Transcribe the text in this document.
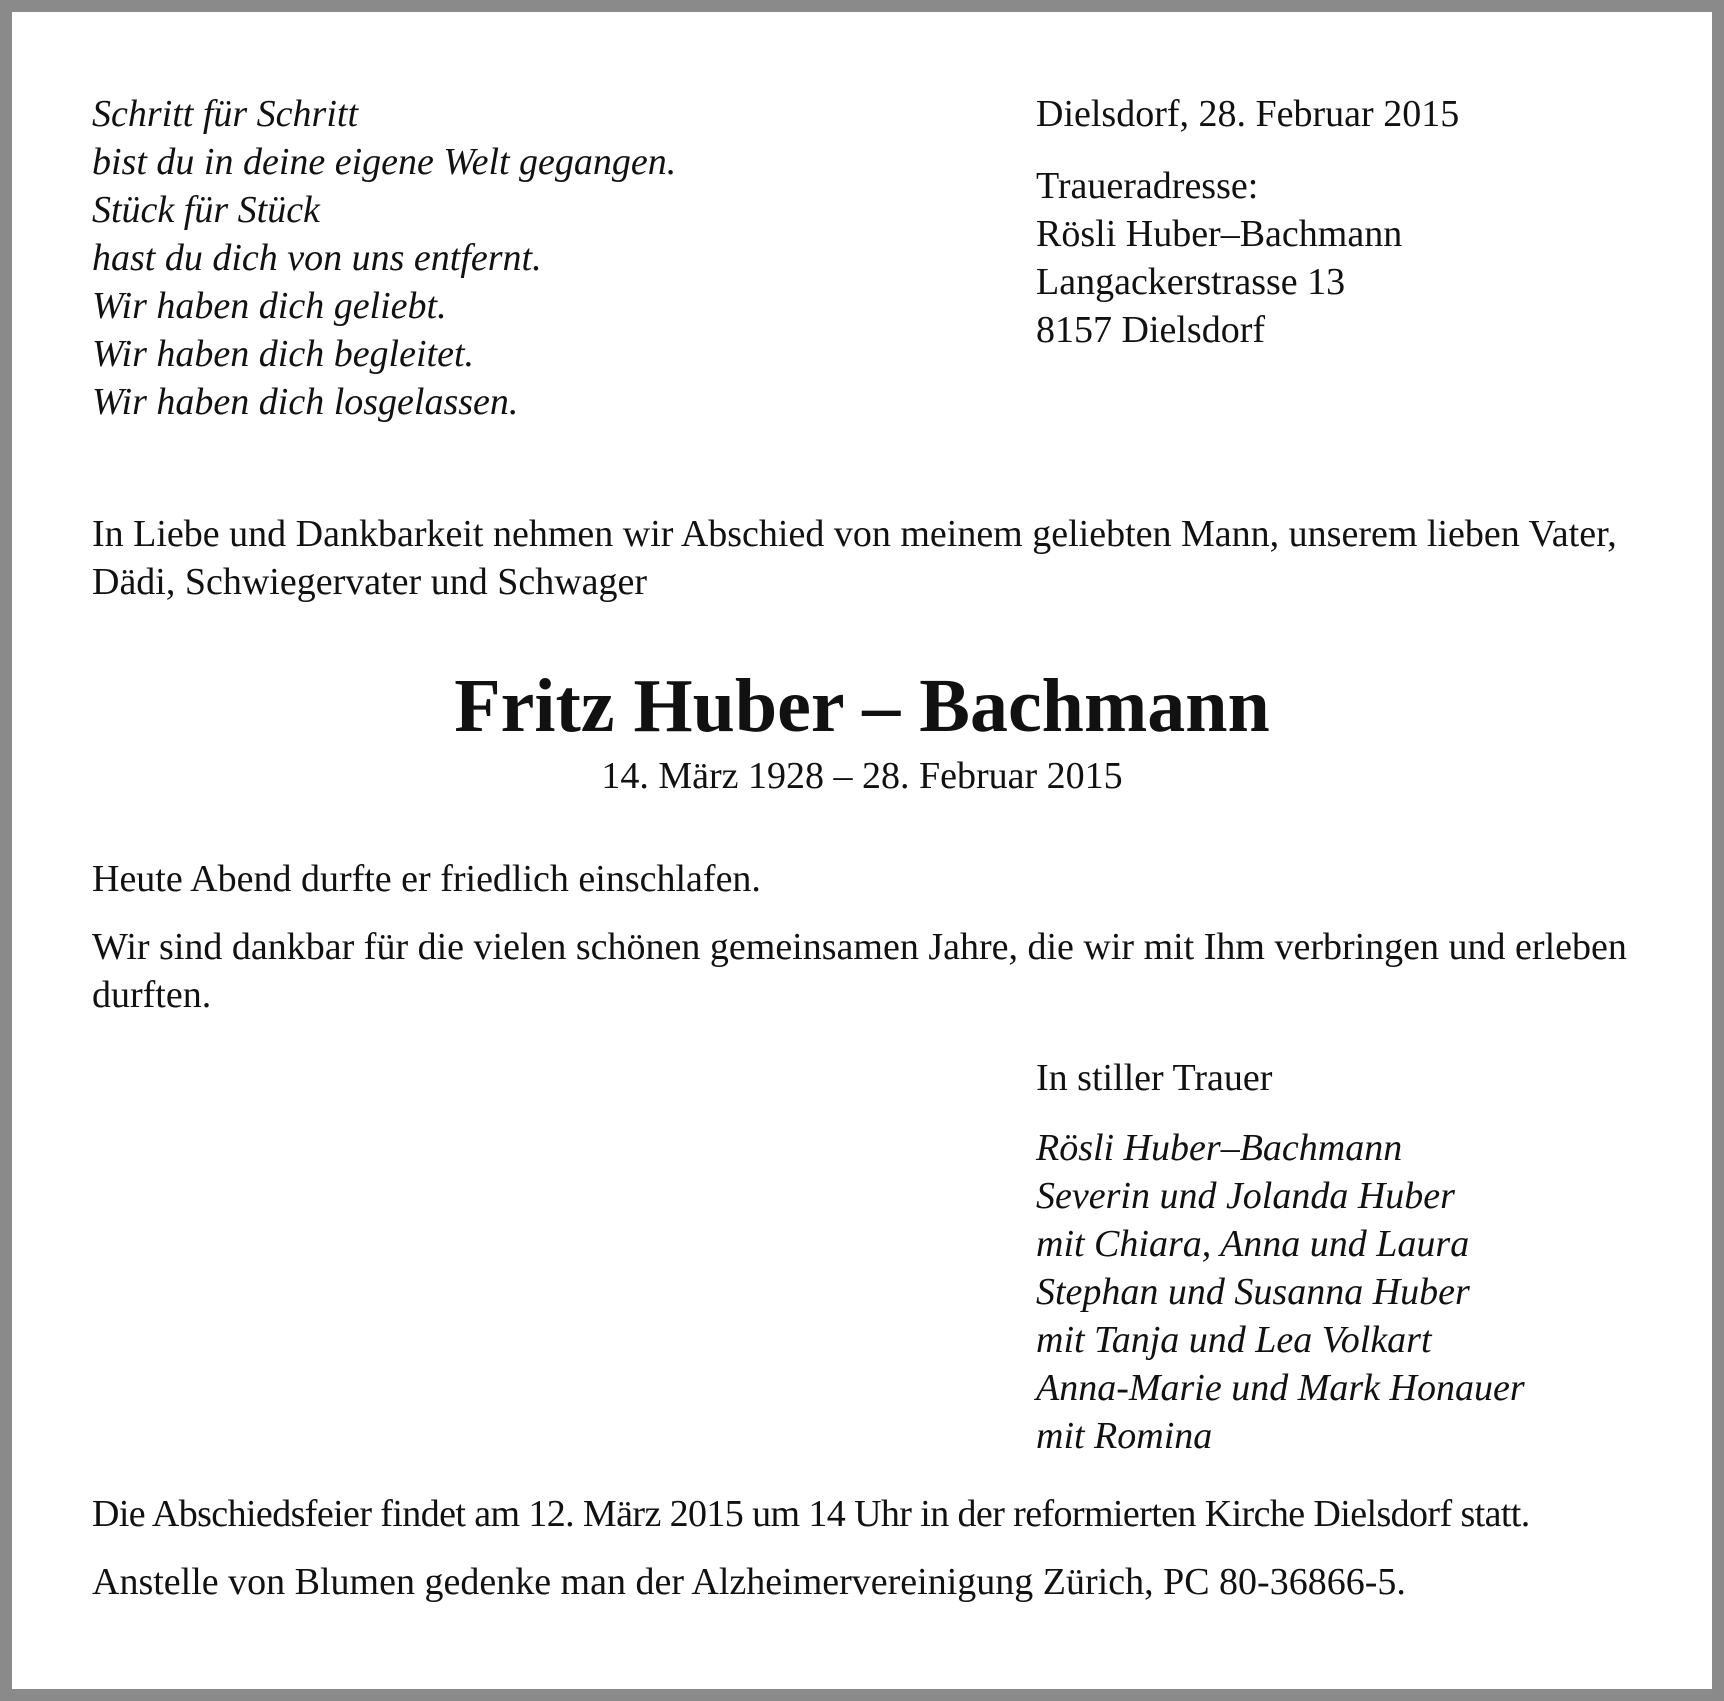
Schritt für Schritt
bist du in deine eigene Welt gegangen.
Stück für Stück
hast du dich von uns entfernt.
Wir haben dich geliebt.
Wir haben dich begleitet.
Wir haben dich losgelassen.
Dielsdorf, 28. Februar 2015
Traueradresse:
Rösli Huber–Bachmann
Langackerstrasse 13
8157 Dielsdorf

In Liebe und Dankbarkeit nehmen wir Abschied von meinem geliebten Mann, unserem lieben Vater, Dädi, Schwiegervater und Schwager

Fritz Huber – Bachmann
14. März 1928 – 28. Februar 2015

Heute Abend durfte er friedlich einschlafen.

Wir sind dankbar für die vielen schönen gemeinsamen Jahre, die wir mit Ihm verbringen und erleben durften.

In stiller Trauer
Rösli Huber–Bachmann
Severin und Jolanda Huber
mit Chiara, Anna und Laura
Stephan und Susanna Huber
mit Tanja und Lea Volkart
Anna-Marie und Mark Honauer
mit Romina

Die Abschiedsfeier findet am 12. März 2015 um 14 Uhr in der reformierten Kirche Dielsdorf statt.

Anstelle von Blumen gedenke man der Alzheimervereinigung Zürich, PC 80-36866-5.
